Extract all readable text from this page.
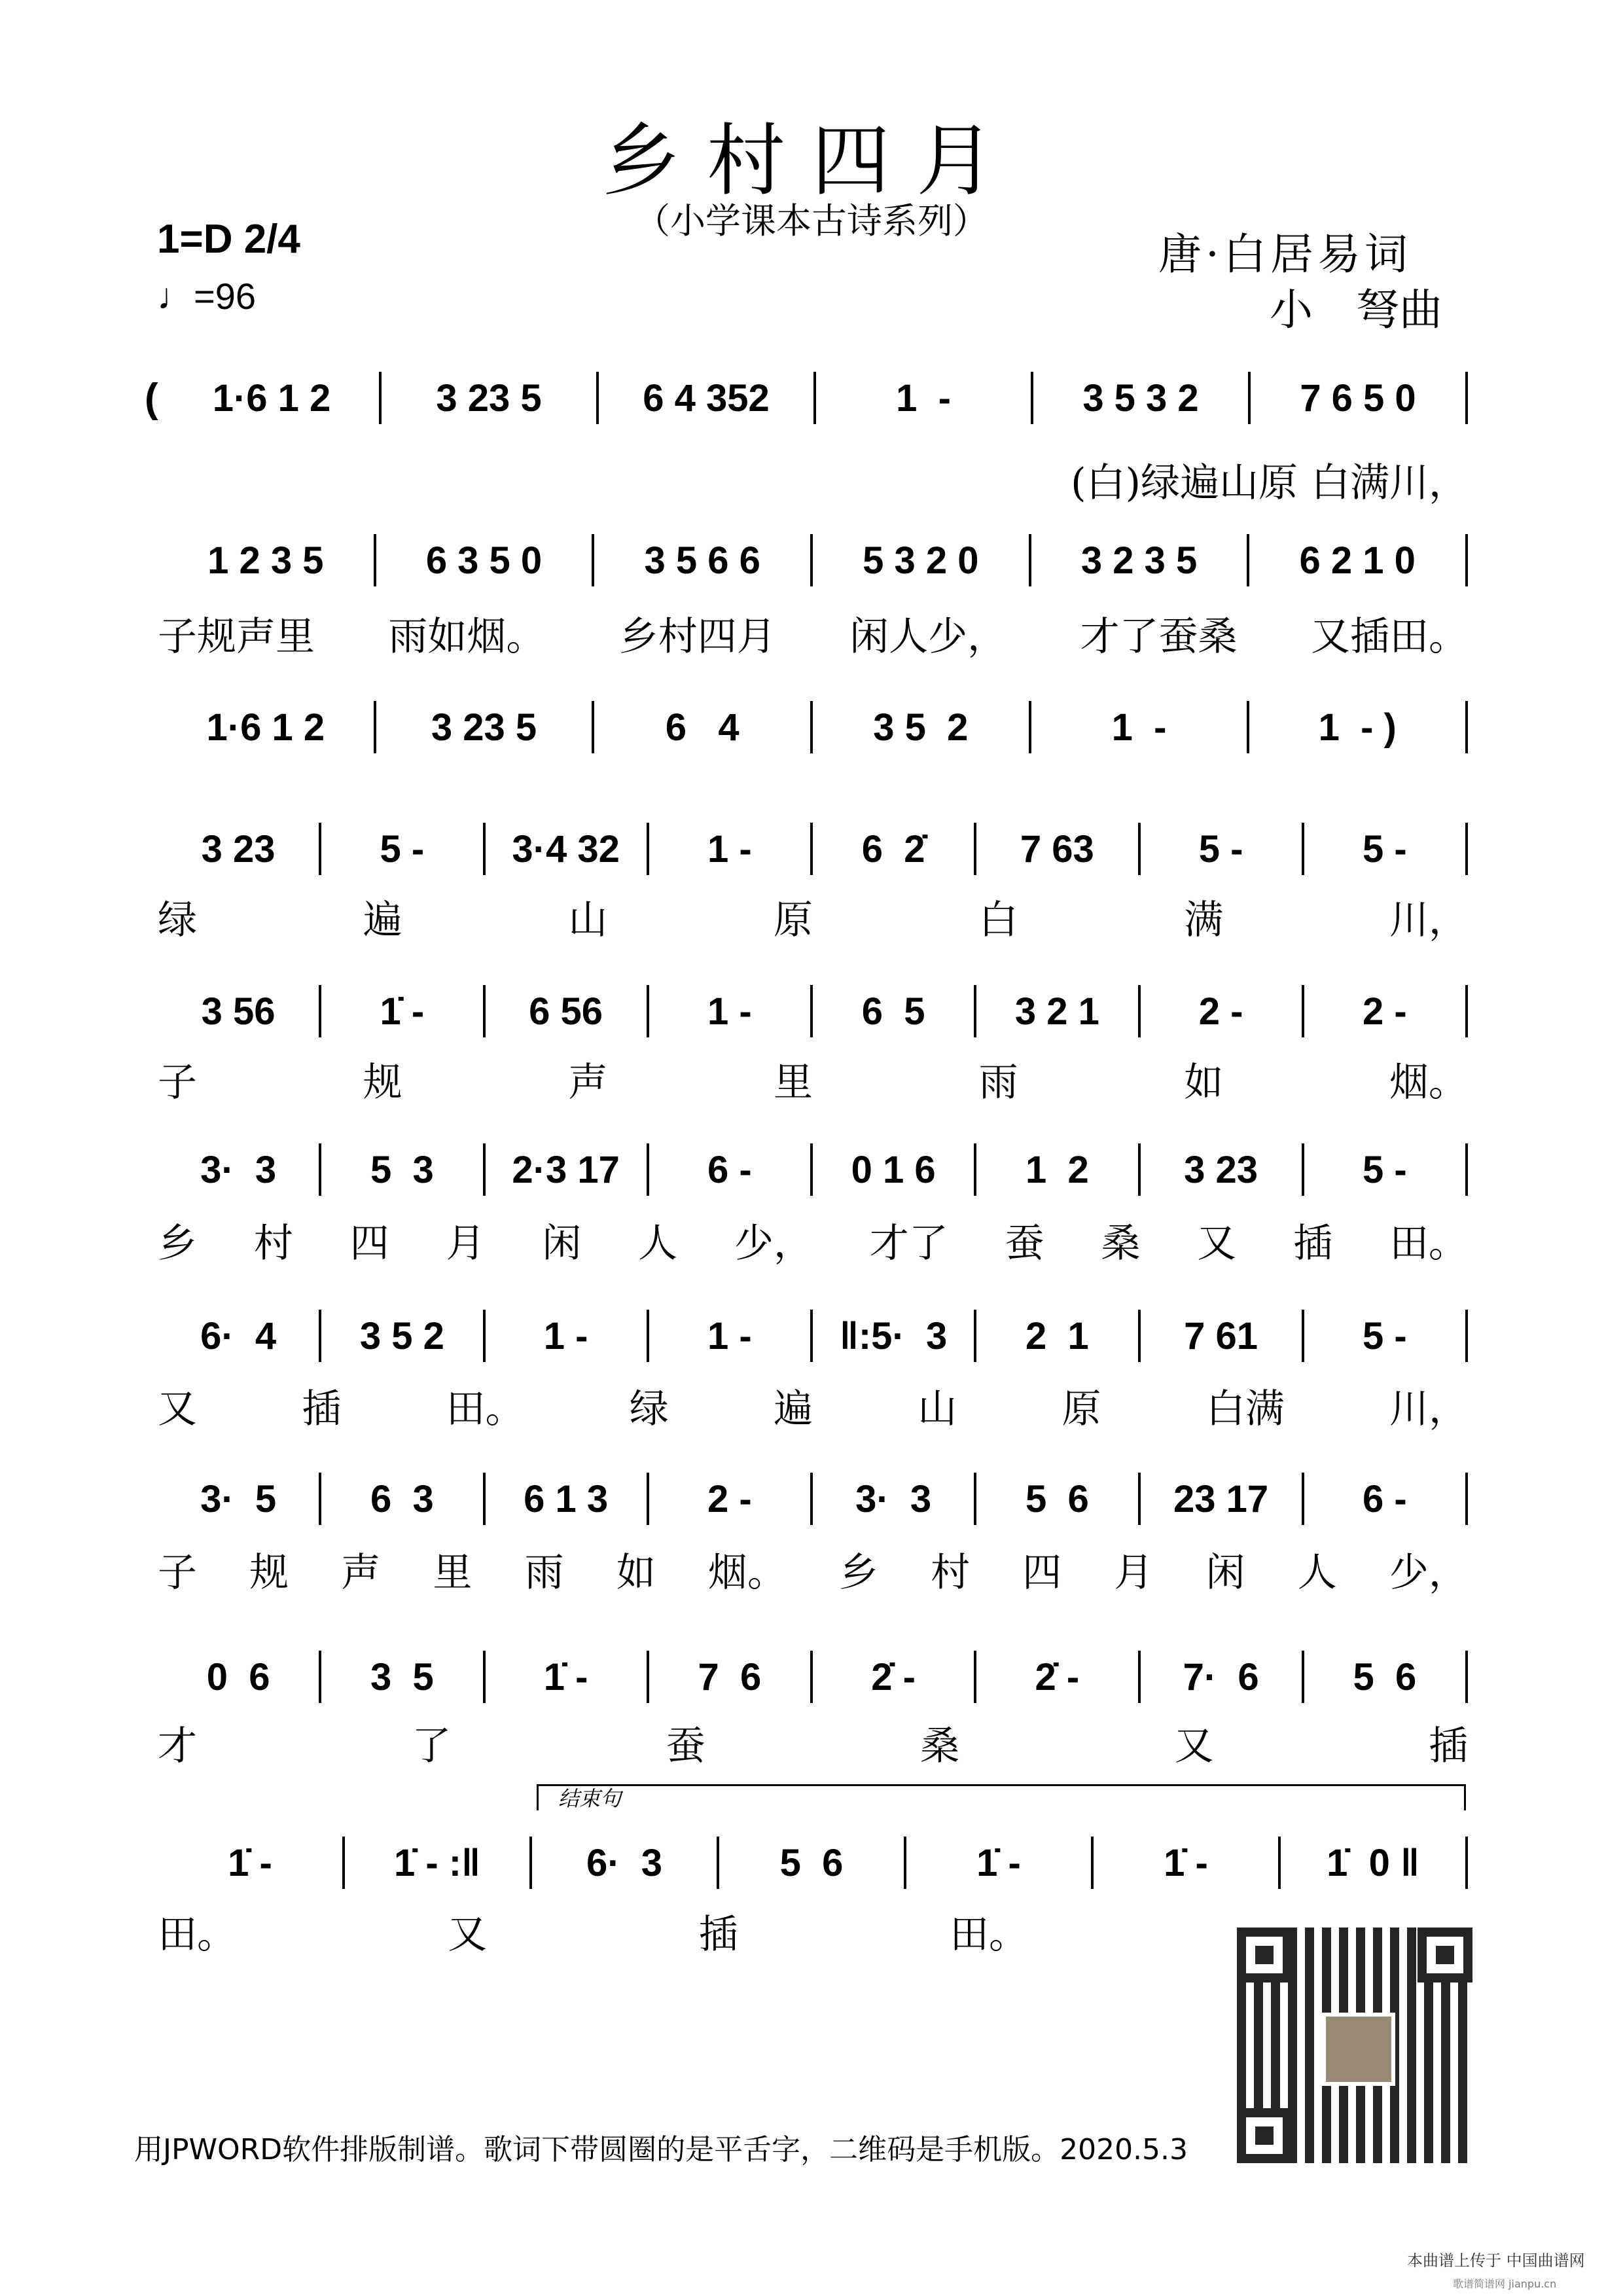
乡村四月
（小学课本古诗系列）
1=D 2/4
♩=96
唐·白居易词
小　弩曲
(	1·6 1 2	3 23 5	6 4 352	1  -	3 5 3 2	7 6 5 0
(白)绿遍山原 白满川，
1 2 3 5	6 3 5 0	3 5 6 6	5 3 2 0	3 2 3 5	6 2 1 0
子规声里 雨如烟。 乡村四月 闲人少， 才了蚕桑 又插田。
1·6 1 2	3 23 5	6   4	3 5  2	1  -	1  - )
3 23	5 -	3·4 32	1 -	6  2̇	7 63	5 -	5 -
绿	遍	山	原	白	满	川，
3 56	1̇ -	6 56	1 -	6  5	3 2 1	2 -	2 -
子	规	声	里	雨	如	烟。
3·  3	5  3	2·3 17	6 -	0 1 6	1  2	3 23	5 -
乡 村 四 月 闲 人 少， 才了 蚕 桑 又 插 田。
6·  4	3 5 2	1 -	1 -	‖:5·  3	2  1	7 61	5 -
又	插	田。	绿	遍	山	原	白满	川，
3·  5	6  3	6 1 3	2 -	3·  3	5  6	23 17	6 -
子 规 声 里 雨 如 烟。 乡 村 四 月 闲 人 少，
0  6	3  5	1̇ -	7  6	2̇ -	2̇ -	7·  6	5  6
才	了	蚕	桑	又	插
1̇ -	1̇ - :‖	6·  3	5  6	1̇ -	1̇ -	1̇  0 ‖
田。	又	插	田。
结束句
用JPWORD软件排版制谱。歌词下带圆圈的是平舌字，二维码是手机版。2020.5.3
本曲谱上传于 中国曲谱网
歌谱简谱网 jianpu.cn
